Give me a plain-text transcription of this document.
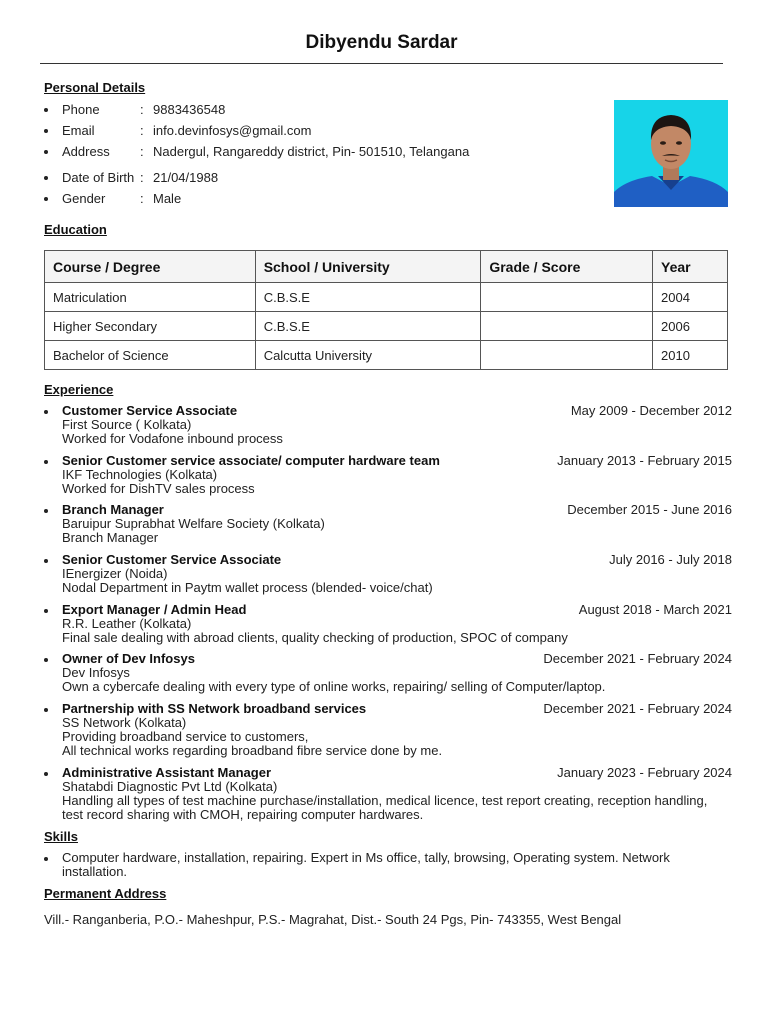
Dibyendu Sardar
Personal Details
Phone	: 9883436548
Email	: info.devinfosys@gmail.com
Address : Nadergul, Rangareddy district, Pin- 501510, Telangana
Date of Birth : 21/04/1988
Gender	: Male
Education
Course / Degree	School / University	Grade / Score	Year
Matriculation	C.B.S.E		2004
Higher Secondary	C.B.S.E		2006
Bachelor of Science	Calcutta University		2010
Experience
Customer Service Associate	May 2009 - December 2012
First Source ( Kolkata)
Worked for Vodafone inbound process
Senior Customer service associate/ computer hardware team	January 2013 - February 2015
IKF Technologies (Kolkata)
Worked for DishTV sales process
Branch Manager	December 2015 - June 2016
Baruipur Suprabhat Welfare Society (Kolkata)
Branch Manager
Senior Customer Service Associate	July 2016 - July 2018
IEnergizer (Noida)
Nodal Department in Paytm wallet process (blended- voice/chat)
Export Manager / Admin Head	August 2018 - March 2021
R.R. Leather (Kolkata)
Final sale dealing with abroad clients, quality checking of production, SPOC of company
Owner of Dev Infosys	December 2021 - February 2024
Dev Infosys
Own a cybercafe dealing with every type of online works, repairing/ selling of Computer/laptop.
Partnership with SS Network broadband services	December 2021 - February 2024
SS Network (Kolkata)
Providing broadband service to customers,
All technical works regarding broadband fibre service done by me.
Administrative Assistant Manager	January 2023 - February 2024
Shatabdi Diagnostic Pvt Ltd (Kolkata)
Handling all types of test machine purchase/installation, medical licence, test report creating, reception handling,
test record sharing with CMOH, repairing computer hardwares.
Skills
Computer hardware, installation, repairing. Expert in Ms office, tally, browsing, Operating system. Network installation.
Permanent Address
Vill.- Ranganberia, P.O.- Maheshpur, P.S.- Magrahat, Dist.- South 24 Pgs, Pin- 743355, West Bengal
